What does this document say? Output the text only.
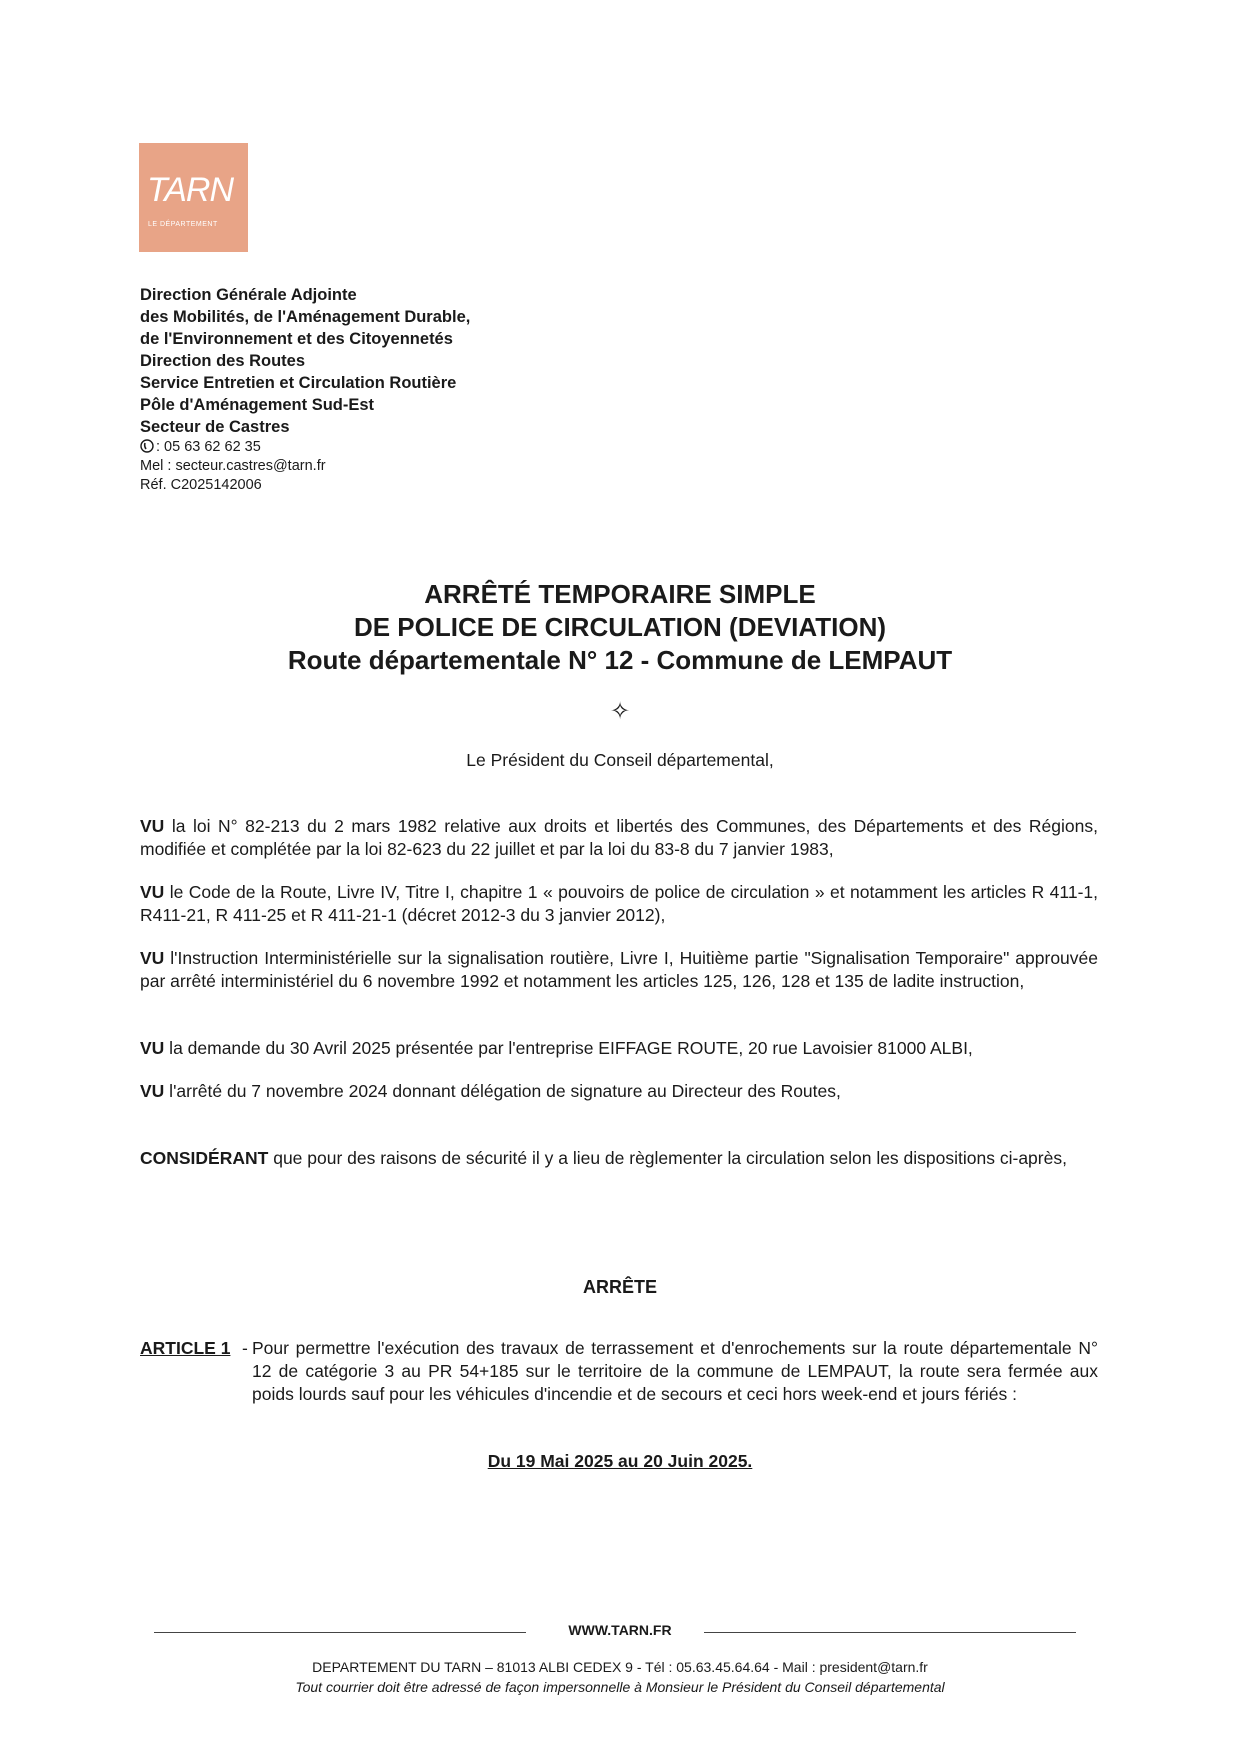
TARN
LE DÉPARTEMENT
Direction Générale Adjointe
des Mobilités, de l'Aménagement Durable,
de l'Environnement et des Citoyennetés
Direction des Routes
Service Entretien et Circulation Routière
Pôle d'Aménagement Sud-Est
Secteur de Castres
: 05 63 62 62 35
Mel : secteur.castres@tarn.fr
Réf. C2025142006
ARRÊTÉ TEMPORAIRE SIMPLE
DE POLICE DE CIRCULATION (DEVIATION)
Route départementale N° 12 - Commune de LEMPAUT
✧
Le Président du Conseil départemental,
VU la loi N° 82-213 du 2 mars 1982 relative aux droits et libertés des Communes, des Départements et des Régions, modifiée et complétée par la loi 82-623 du 22 juillet et par la loi du 83-8 du 7 janvier 1983,
VU le Code de la Route, Livre IV, Titre I, chapitre 1 « pouvoirs de police de circulation » et notamment les articles R 411-1, R411-21, R 411-25 et R 411-21-1 (décret 2012-3 du 3 janvier 2012),
VU l'Instruction Interministérielle sur la signalisation routière, Livre I, Huitième partie "Signalisation Temporaire" approuvée par arrêté interministériel du 6 novembre 1992 et notamment les articles 125, 126, 128 et 135 de ladite instruction,
VU la demande du 30 Avril 2025 présentée par l'entreprise EIFFAGE ROUTE, 20 rue Lavoisier 81000 ALBI,
VU l'arrêté du 7 novembre 2024 donnant délégation de signature au Directeur des Routes,
CONSIDÉRANT que pour des raisons de sécurité il y a lieu de règlementer la circulation selon les dispositions ci-après,
ARRÊTE
ARTICLE 1 - Pour permettre l'exécution des travaux de terrassement et d'enrochements sur la route départementale N° 12 de catégorie 3 au PR 54+185 sur le territoire de la commune de LEMPAUT, la route sera fermée aux poids lourds sauf pour les véhicules d'incendie et de secours et ceci hors week-end et jours fériés :
Du 19 Mai 2025 au 20 Juin 2025.
WWW.TARN.FR
DEPARTEMENT DU TARN – 81013 ALBI CEDEX 9 - Tél : 05.63.45.64.64 - Mail : president@tarn.fr
Tout courrier doit être adressé de façon impersonnelle à Monsieur le Président du Conseil départemental
